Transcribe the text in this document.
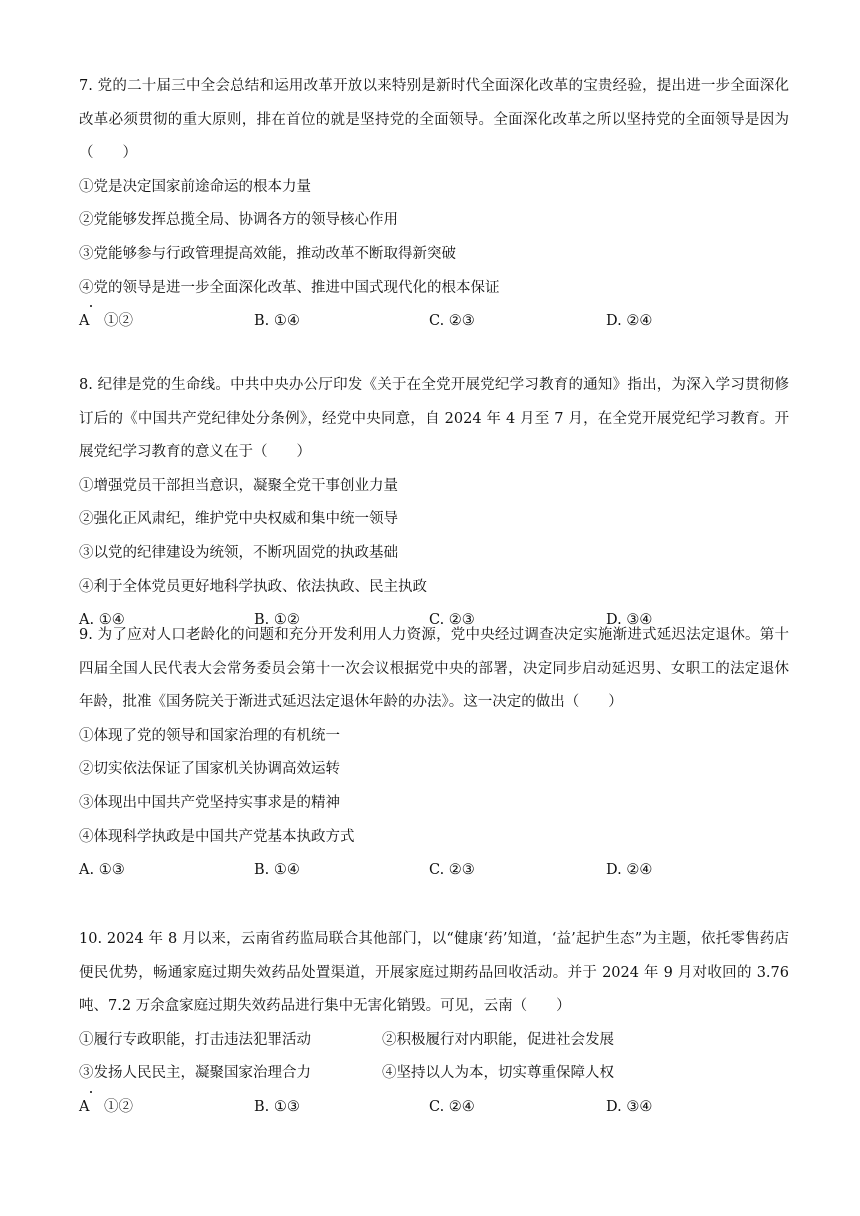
7. 党的二十届三中全会总结和运用改革开放以来特别是新时代全面深化改革的宝贵经验，提出进一步全面深化改革必须贯彻的重大原则，排在首位的就是坚持党的全面领导。全面深化改革之所以坚持党的全面领导是因为（　　）

①党是决定国家前途命运的根本力量

②党能够发挥总揽全局、协调各方的领导核心作用

③党能够参与行政管理提高效能，推动改革不断取得新突破

④党的领导是进一步全面深化改革、推进中国式现代化的根本保证

A　①②	B. ①④	C. ②③	D. ②④

8. 纪律是党的生命线。中共中央办公厅印发《关于在全党开展党纪学习教育的通知》指出，为深入学习贯彻修订后的《中国共产党纪律处分条例》，经党中央同意，自 2024 年 4 月至 7 月，在全党开展党纪学习教育。开展党纪学习教育的意义在于（　　）

①增强党员干部担当意识，凝聚全党干事创业力量

②强化正风肃纪，维护党中央权威和集中统一领导

③以党的纪律建设为统领，不断巩固党的执政基础

④利于全体党员更好地科学执政、依法执政、民主执政

A. ①④	B. ①②	C. ②③	D. ③④

9. 为了应对人口老龄化的问题和充分开发利用人力资源，党中央经过调查决定实施渐进式延迟法定退休。第十四届全国人民代表大会常务委员会第十一次会议根据党中央的部署，决定同步启动延迟男、女职工的法定退休年龄，批准《国务院关于渐进式延迟法定退休年龄的办法》。这一决定的做出（　　）

①体现了党的领导和国家治理的有机统一

②切实依法保证了国家机关协调高效运转

③体现出中国共产党坚持实事求是的精神

④体现科学执政是中国共产党基本执政方式

A. ①③	B. ①④	C. ②③	D. ②④

10. 2024 年 8 月以来，云南省药监局联合其他部门，以“健康‘药’知道，‘益’起护生态”为主题，依托零售药店便民优势，畅通家庭过期失效药品处置渠道，开展家庭过期药品回收活动。并于 2024 年 9 月对收回的 3.76 吨、7.2 万余盒家庭过期失效药品进行集中无害化销毁。可见，云南（　　）

①履行专政职能，打击违法犯罪活动	②积极履行对内职能，促进社会发展
③发扬人民民主，凝聚国家治理合力	④坚持以人为本，切实尊重保障人权
A　①②	B. ①③	C. ②④	D. ③④
